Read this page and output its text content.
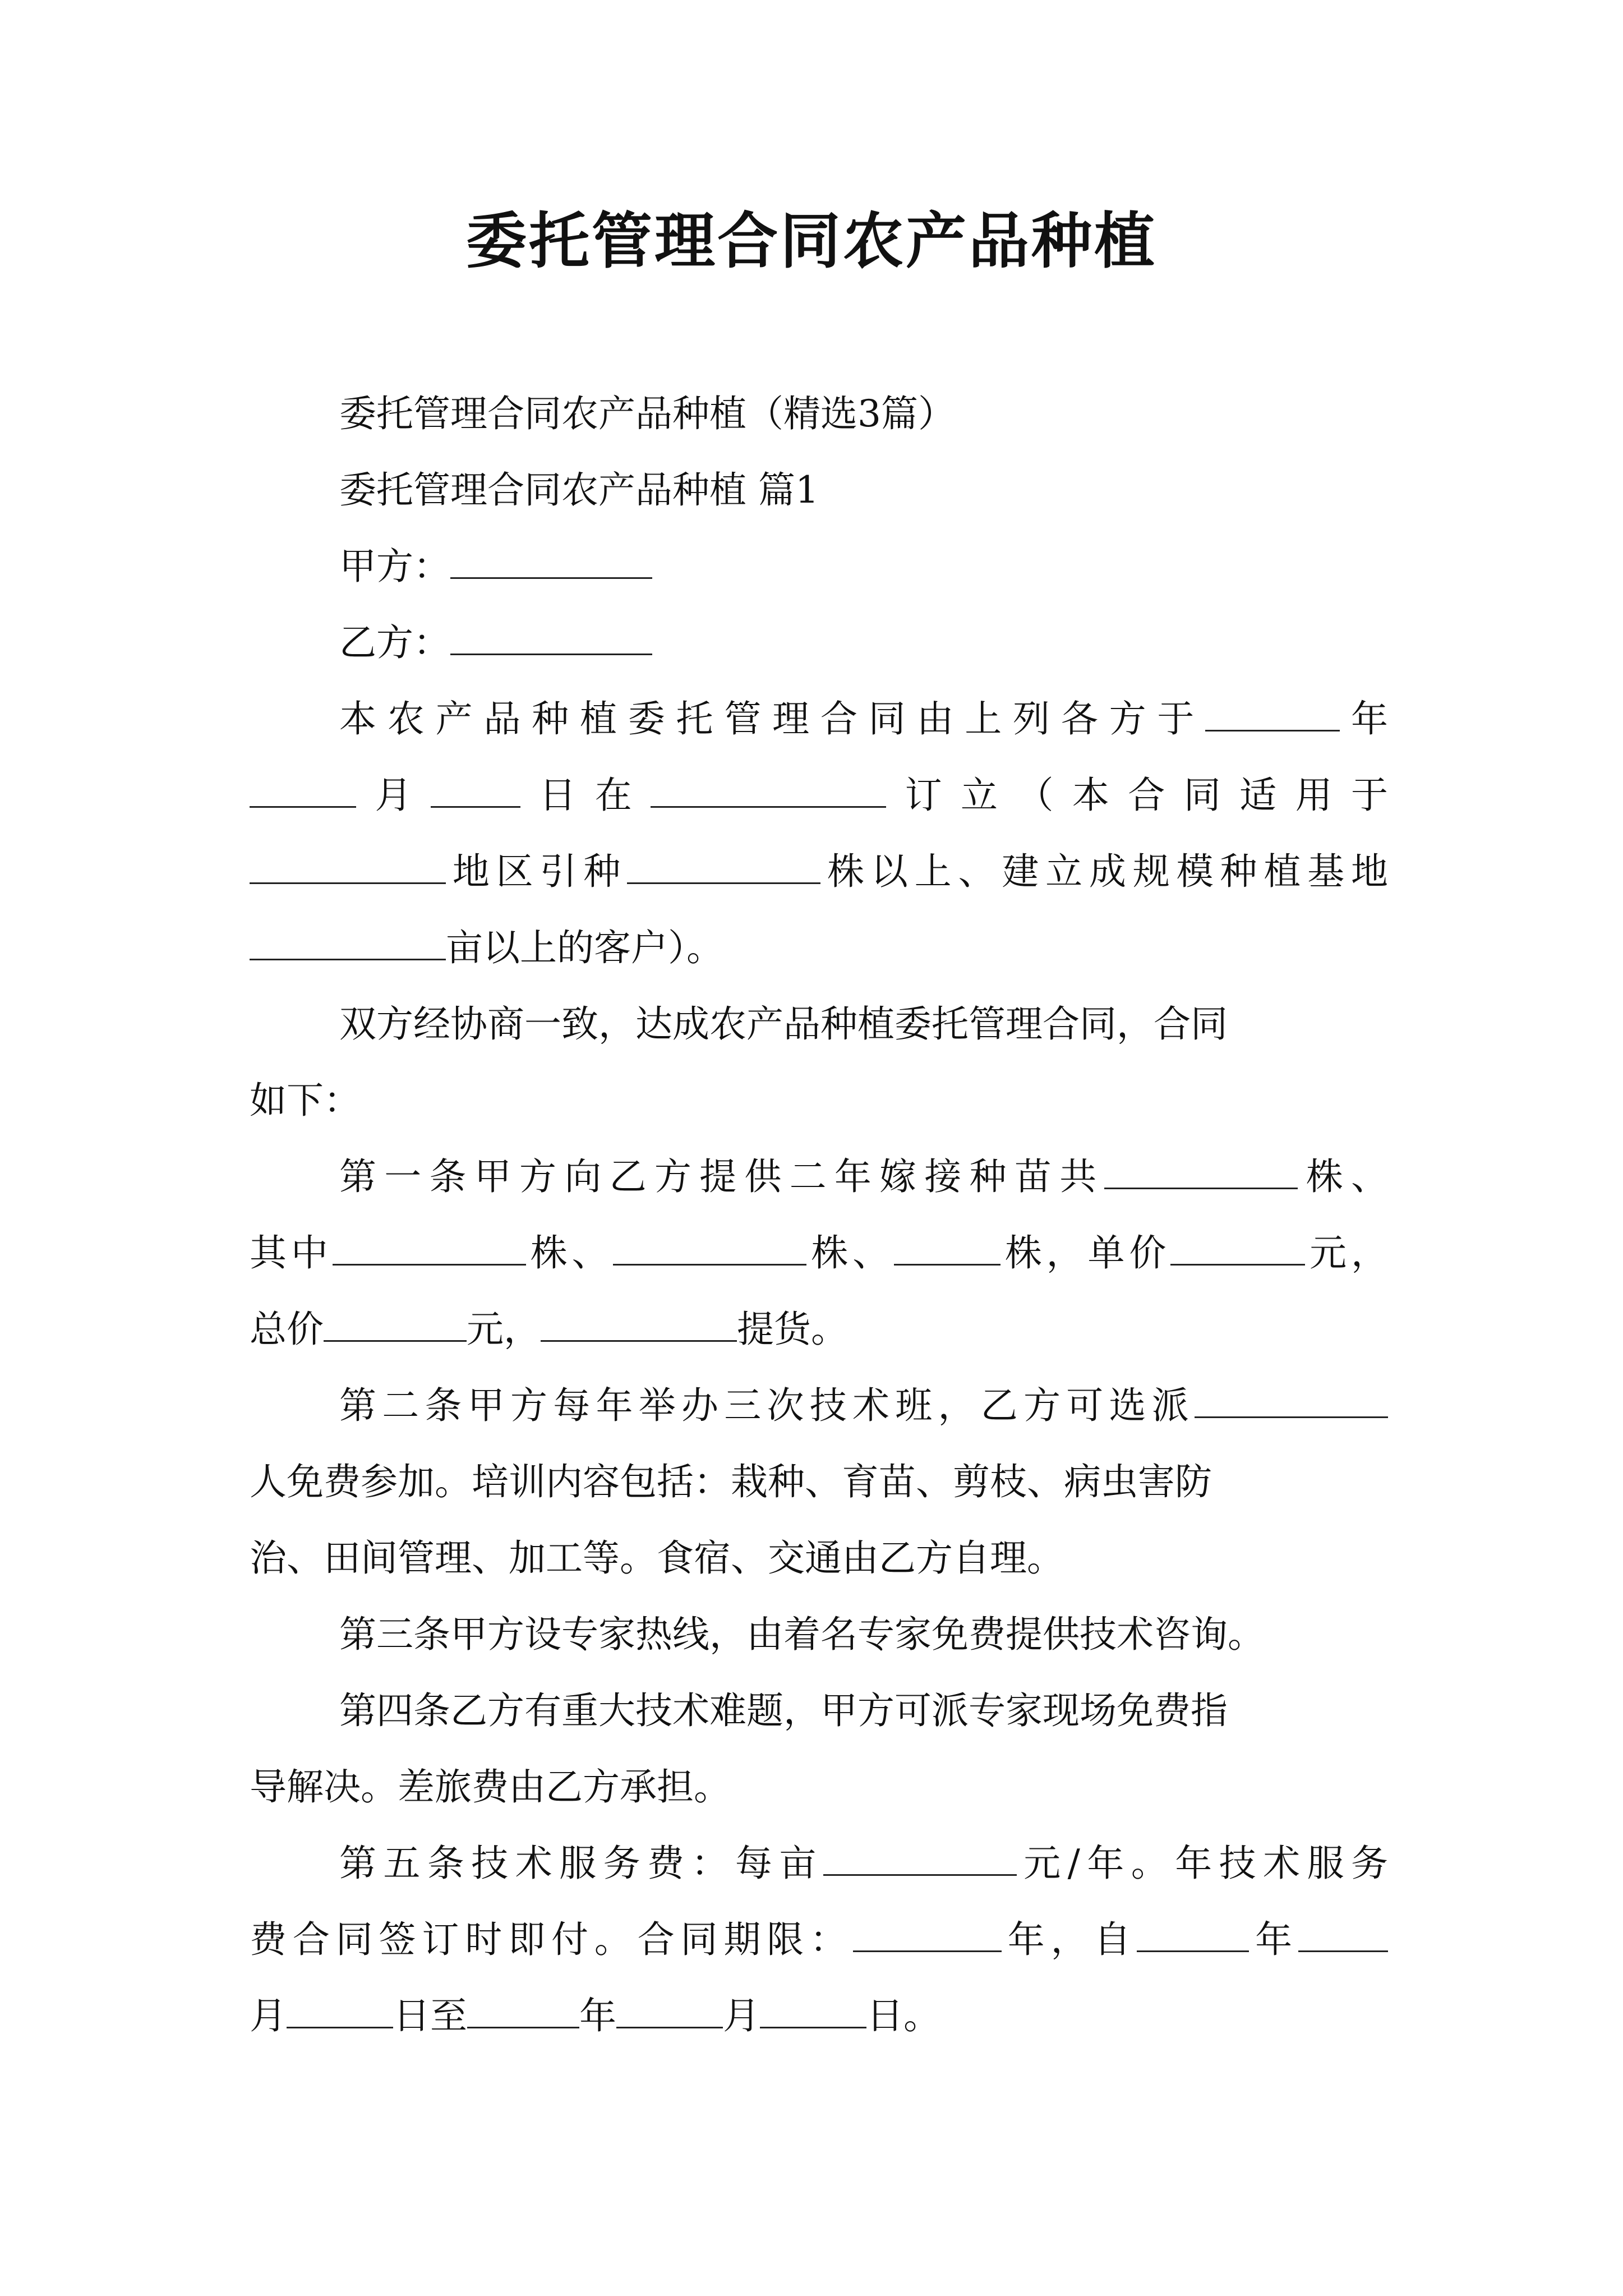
委托管理合同农产品种植
委托管理合同农产品种植（精选3篇）
委托管理合同农产品种植 篇1
甲方：
乙方：
本农产品种植委托管理合同由上列各方于	年
月 日在	订立（本合同适用于
地区引种	株以上、建立成规模种植基地
亩以上的客户）。
双方经协商一致，达成农产品种植委托管理合同，合同
如下：
第一条甲方向乙方提供二年嫁接种苗共	株、
其中	株、	株、	株，单价	元，
总价	元，	提货。
第二条甲方每年举办三次技术班，乙方可选派
人免费参加。培训内容包括：栽种、育苗、剪枝、病虫害防
治、田间管理、加工等。食宿、交通由乙方自理。
第三条甲方设专家热线，由着名专家免费提供技术咨询。
第四条乙方有重大技术难题，甲方可派专家现场免费指
导解决。差旅费由乙方承担。
第五条技术服务费：每亩	元/年。年技术服务
费合同签订时即付。合同期限：	年，自	年
月	日至	年	月	日。
